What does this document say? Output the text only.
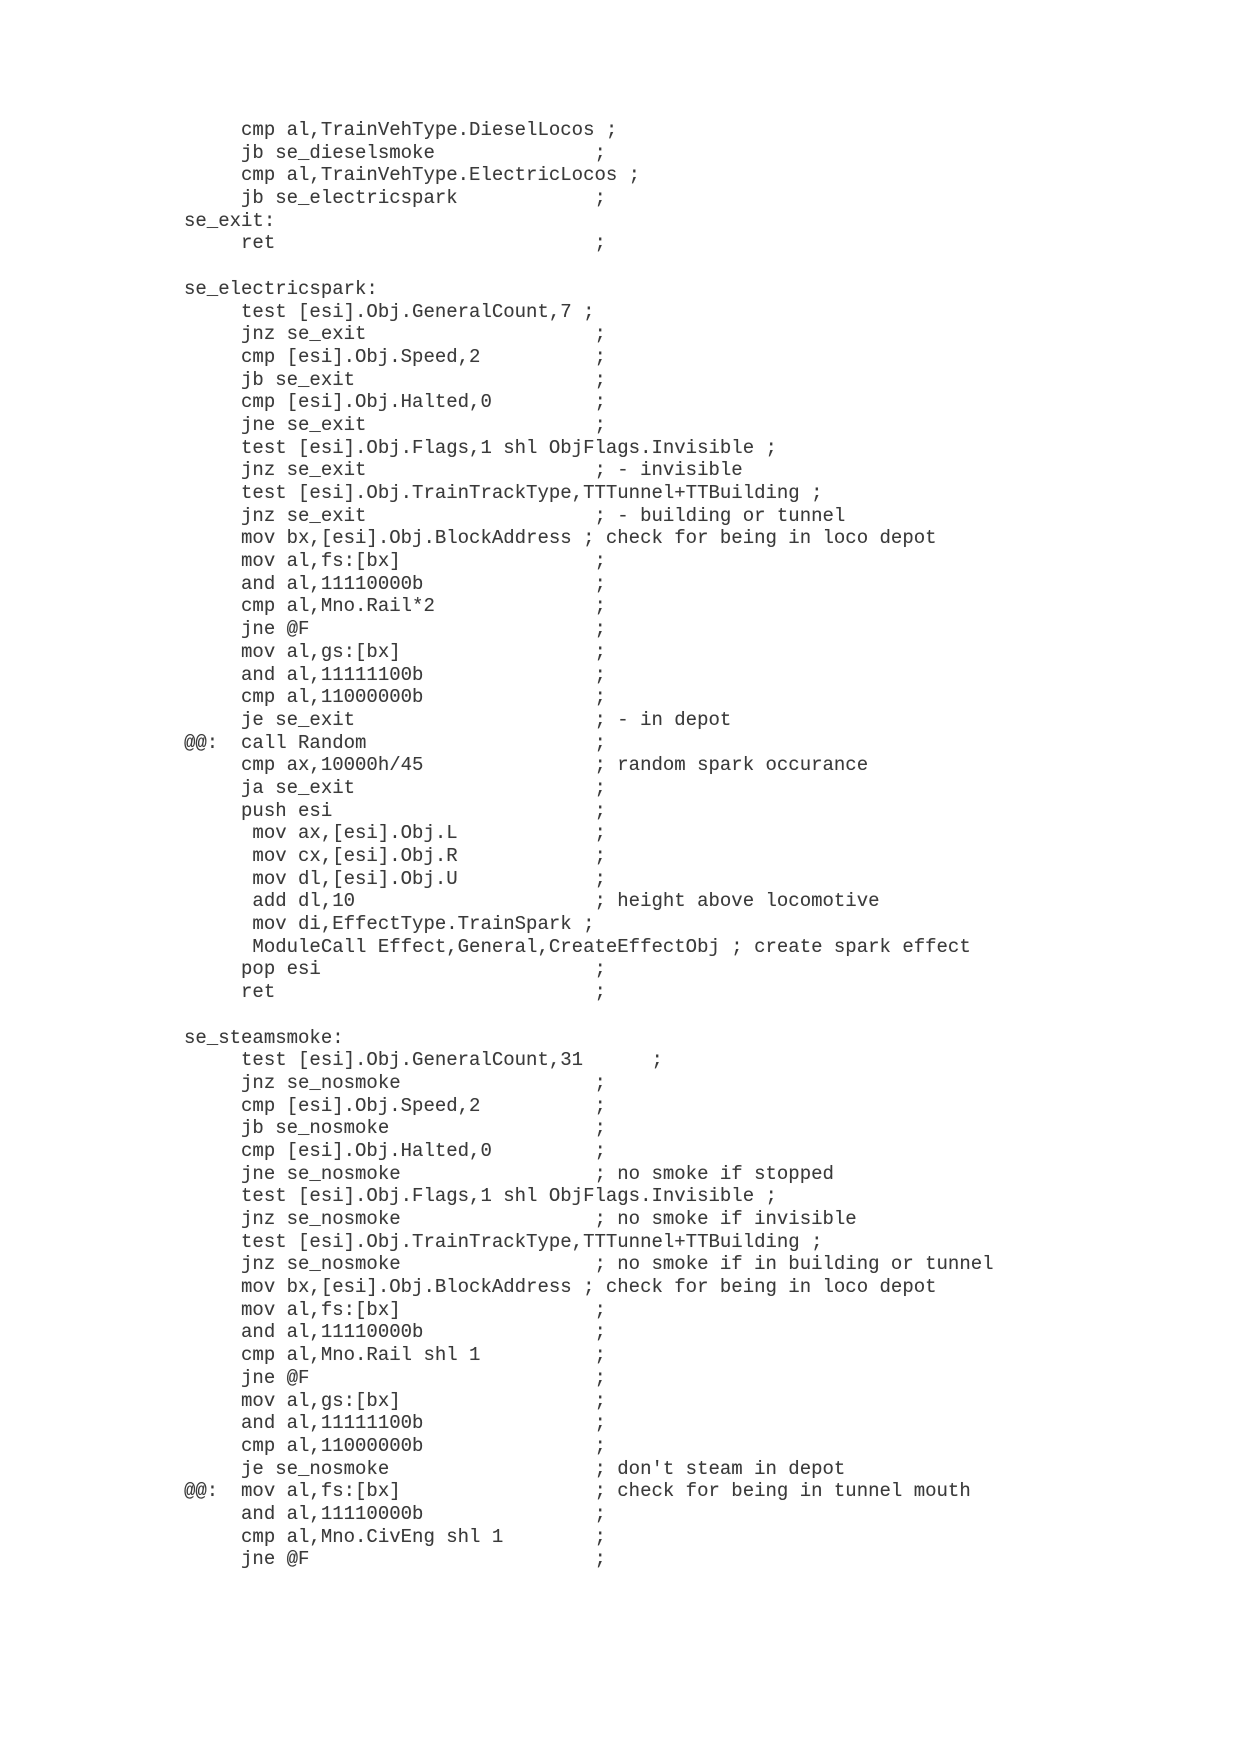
cmp al,TrainVehType.DieselLocos ;
jb se_dieselsmoke              ;
cmp al,TrainVehType.ElectricLocos ;
jb se_electricspark            ;
se_exit:
ret                            ;

se_electricspark:
test [esi].Obj.GeneralCount,7 ;
jnz se_exit                    ;
cmp [esi].Obj.Speed,2          ;
jb se_exit                     ;
cmp [esi].Obj.Halted,0         ;
jne se_exit                    ;
test [esi].Obj.Flags,1 shl ObjFlags.Invisible ;
jnz se_exit                    ; - invisible
test [esi].Obj.TrainTrackType,TTTunnel+TTBuilding ;
jnz se_exit                    ; - building or tunnel
mov bx,[esi].Obj.BlockAddress ; check for being in loco depot
mov al,fs:[bx]                 ;
and al,11110000b               ;
cmp al,Mno.Rail*2              ;
jne @F                         ;
mov al,gs:[bx]                 ;
and al,11111100b               ;
cmp al,11000000b               ;
je se_exit                     ; - in depot
@@:  call Random                    ;
cmp ax,10000h/45               ; random spark occurance
ja se_exit                     ;
push esi                       ;
mov ax,[esi].Obj.L            ;
mov cx,[esi].Obj.R            ;
mov dl,[esi].Obj.U            ;
add dl,10                     ; height above locomotive
mov di,EffectType.TrainSpark ;
ModuleCall Effect,General,CreateEffectObj ; create spark effect
pop esi                        ;
ret                            ;

se_steamsmoke:
test [esi].Obj.GeneralCount,31      ;
jnz se_nosmoke                 ;
cmp [esi].Obj.Speed,2          ;
jb se_nosmoke                  ;
cmp [esi].Obj.Halted,0         ;
jne se_nosmoke                 ; no smoke if stopped
test [esi].Obj.Flags,1 shl ObjFlags.Invisible ;
jnz se_nosmoke                 ; no smoke if invisible
test [esi].Obj.TrainTrackType,TTTunnel+TTBuilding ;
jnz se_nosmoke                 ; no smoke if in building or tunnel
mov bx,[esi].Obj.BlockAddress ; check for being in loco depot
mov al,fs:[bx]                 ;
and al,11110000b               ;
cmp al,Mno.Rail shl 1          ;
jne @F                         ;
mov al,gs:[bx]                 ;
and al,11111100b               ;
cmp al,11000000b               ;
je se_nosmoke                  ; don't steam in depot
@@:  mov al,fs:[bx]                 ; check for being in tunnel mouth
and al,11110000b               ;
cmp al,Mno.CivEng shl 1        ;
jne @F                         ;
